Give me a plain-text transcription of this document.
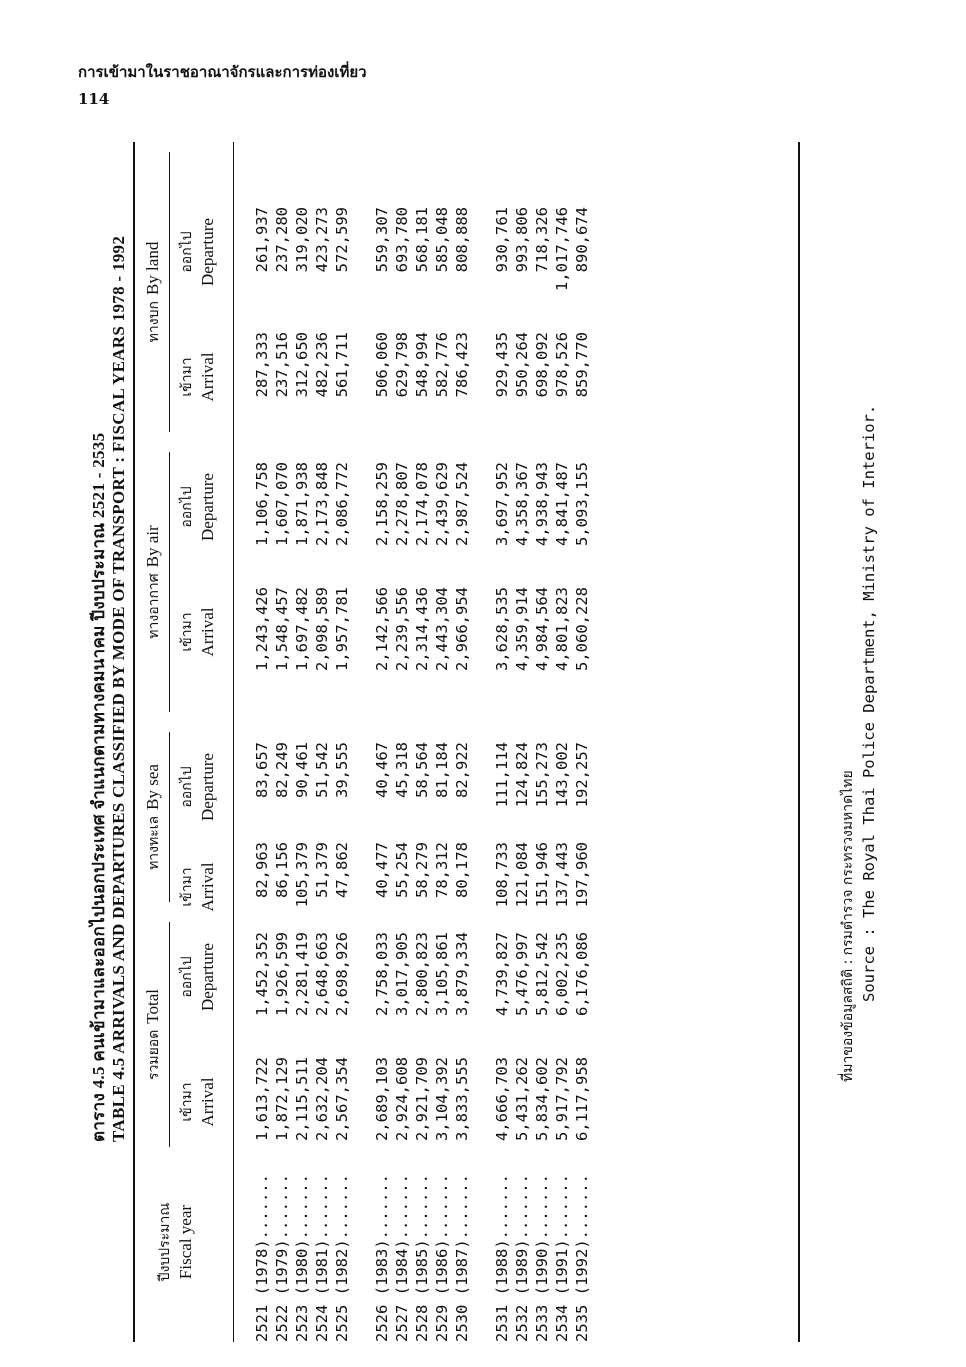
การเข้ามาในราชอาณาจักรและการท่องเที่ยว
114
ตาราง 4.5 คนเข้ามาและออกไปนอกประเทศ จำแนกตามทางคมนาคม ปีงบประมาณ 2521 - 2535 TABLE 4.5 ARRIVALS AND DEPARTURES CLASSIFIED BY MODE OF TRANSPORT : FISCAL YEARS 1978 - 1992
ปีงบประมาณ Fiscal year
รวมยอดTotal
ทางทะเลBy sea
ทางอากาศBy air
ทางบกBy land
เข้ามา Arrival
ออกไป Departure
เข้ามา Arrival
ออกไป Departure
เข้ามา Arrival
ออกไป Departure
เข้ามา Arrival
ออกไป Departure
2521 (1978).......
1,613,722
1,452,352
82,963
83,657
1,243,426
1,106,758
287,333
261,937
2522 (1979).......
1,872,129
1,926,599
86,156
82,249
1,548,457
1,607,070
237,516
237,280
2523 (1980).......
2,115,511
2,281,419
105,379
90,461
1,697,482
1,871,938
312,650
319,020
2524 (1981).......
2,632,204
2,648,663
51,379
51,542
2,098,589
2,173,848
482,236
423,273
2525 (1982).......
2,567,354
2,698,926
47,862
39,555
1,957,781
2,086,772
561,711
572,599
2526 (1983).......
2,689,103
2,758,033
40,477
40,467
2,142,566
2,158,259
506,060
559,307
2527 (1984).......
2,924,608
3,017,905
55,254
45,318
2,239,556
2,278,807
629,798
693,780
2528 (1985).......
2,921,709
2,800,823
58,279
58,564
2,314,436
2,174,078
548,994
568,181
2529 (1986).......
3,104,392
3,105,861
78,312
81,184
2,443,304
2,439,629
582,776
585,048
2530 (1987).......
3,833,555
3,879,334
80,178
82,922
2,966,954
2,987,524
786,423
808,888
2531 (1988).......
4,666,703
4,739,827
108,733
111,114
3,628,535
3,697,952
929,435
930,761
2532 (1989).......
5,431,262
5,476,997
121,084
124,824
4,359,914
4,358,367
950,264
993,806
2533 (1990).......
5,834,602
5,812,542
151,946
155,273
4,984,564
4,938,943
698,092
718,326
2534 (1991).......
5,917,792
6,002,235
137,443
143,002
4,801,823
4,841,487
978,526
1,017,746
2535 (1992).......
6,117,958
6,176,086
197,960
192,257
5,060,228
5,093,155
859,770
890,674
ที่มาของข้อมูลสถิติ : กรมตำรวจ กระทรวงมหาดไทย Source : The Royal Thai Police Department, Ministry of Interior.
